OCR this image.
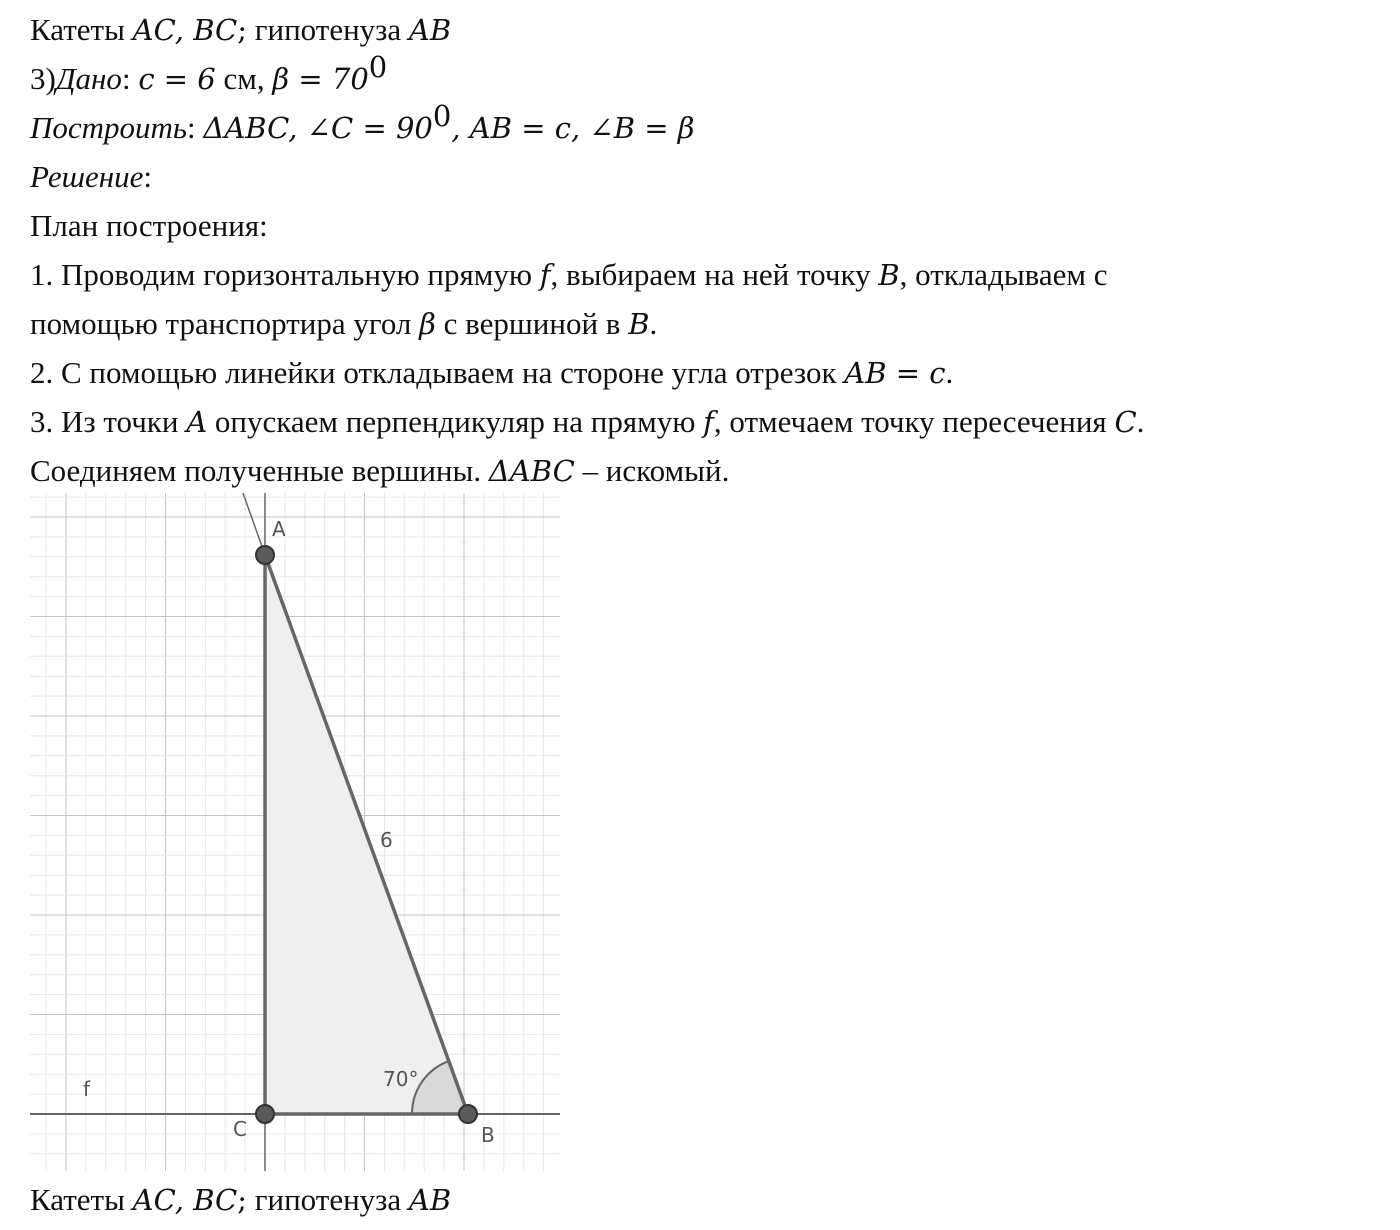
Катеты AC, BC; гипотенуза AB
3)Дано: c = 6 см, $\beta = 70^0$
Построить: ΔABC, ∠C = $90^0$, AB = c, ∠B = β
Решение:
План построения:
1. Проводим горизонтальную прямую f, выбираем на ней точку B, откладываем с
помощью транспортира угол β с вершиной в B.
2. С помощью линейки откладываем на стороне угла отрезок AB = c.
3. Из точки A опускаем перпендикуляр на прямую f, отмечаем точку пересечения C.
Соединяем полученные вершины. ΔABC – искомый.
A
C	B
f
6
70°
Катеты AC, BC; гипотенуза AB
